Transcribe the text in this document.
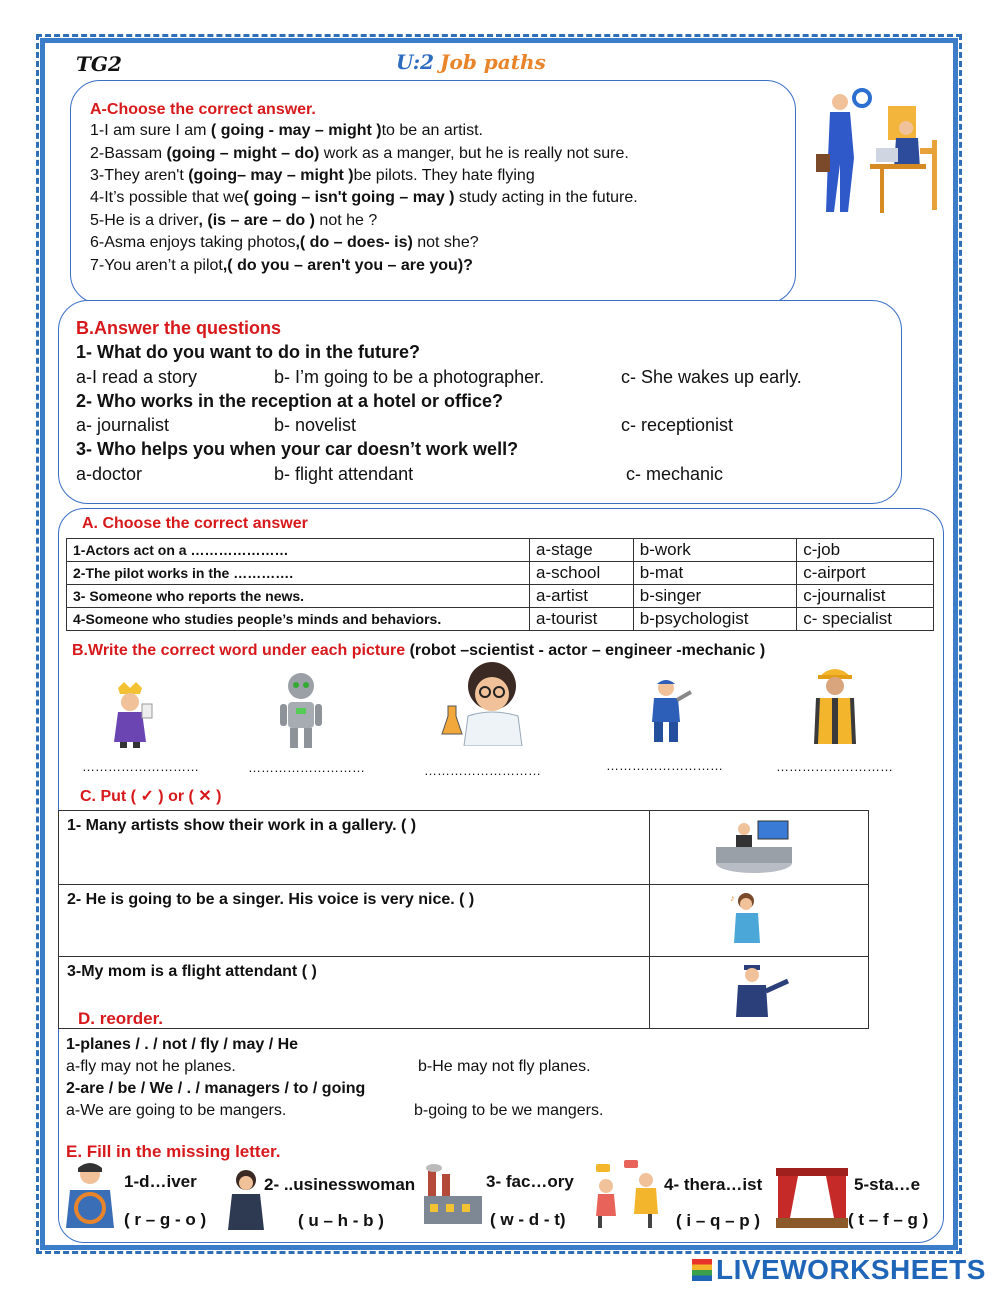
TG2	U:2 Job paths
A-Choose the correct answer.
1-I am sure I am ( going - may – might )to be an artist.
2-Bassam (going – might – do) work as a manger, but he is really not sure.
3-They aren't (going– may – might )be pilots. They hate flying
4-It’s possible that we( going – isn't going – may ) study acting in the future.
5-He is a driver, (is – are – do ) not he ?
6-Asma enjoys taking photos,( do – does- is) not she?
7-You aren’t a pilot,( do you – aren't you – are you)?
B.Answer the questions
1- What do you want to do in the future?
a-I read a story	b- I’m going to be a photographer.	c- She wakes up early.
2- Who works in the reception at a hotel or office?
a- journalist	b- novelist	c- receptionist
3- Who helps you when your car doesn’t work well?
a-doctor	b- flight attendant	c- mechanic
A. Choose the correct answer
1-Actors act on a …………………	a-stage	b-work	c-job
2-The pilot works in the ………….	a-school	b-mat	c-airport
3- Someone who reports the news.	a-artist	b-singer	c-journalist
4-Someone who studies people’s minds and behaviors.	a-tourist	b-psychologist	c- specialist
B.Write the correct word under each picture (robot –scientist - actor – engineer -mechanic )
………………………	………………………	………………………	………………………	………………………
C. Put ( ✓ ) or ( ✕ )
1- Many artists show their work in a gallery. ( )	
2- He is going to be a singer. His voice is very nice. ( )	♪

3-My mom is a flight attendant ( )	
D. reorder.
1-planes / . / not / fly / may / He
a-fly may not he planes.	b-He may not fly planes.
2-are / be / We / . / managers / to / going
a-We are going to be mangers.	b-going to be we mangers.
E. Fill in the missing letter.
1-d…iver
( r – g - o )
2- ..usinesswoman
( u – h - b )
3- fac…ory
( w - d - t)
4- thera…ist
( i – q – p )
5-sta…e
( t – f – g )
LIVEWORKSHEETS
